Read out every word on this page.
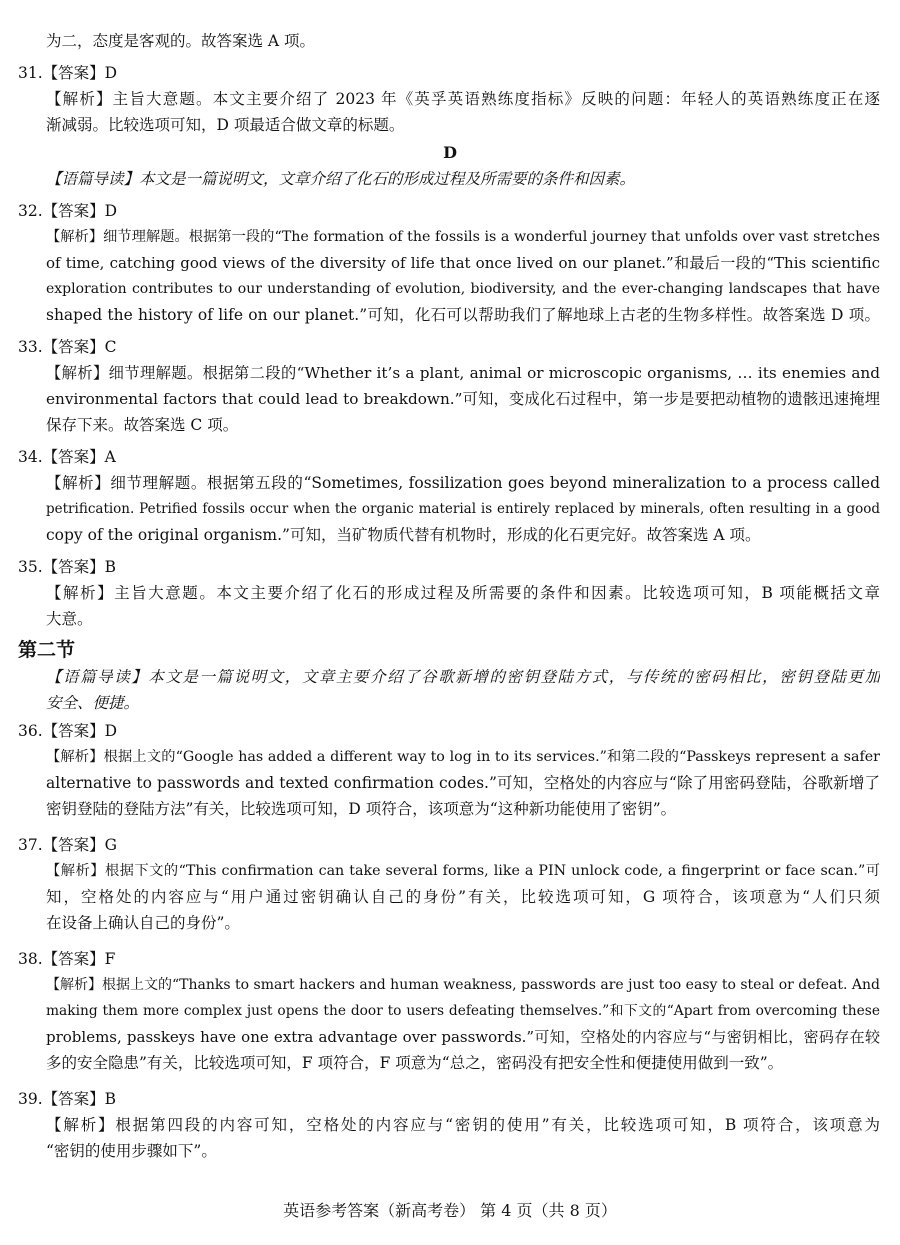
为二，态度是客观的。故答案选 A 项。
31.【答案】D
【解析】主旨大意题。本文主要介绍了 2023 年《英孚英语熟练度指标》反映的问题：年轻人的英语熟练度正在逐
渐减弱。比较选项可知，D 项最适合做文章的标题。
D
【语篇导读】本文是一篇说明文，文章介绍了化石的形成过程及所需要的条件和因素。
32.【答案】D
【解析】细节理解题。根据第一段的“The formation of the fossils is a wonderful journey that unfolds over vast stretches
of time, catching good views of the diversity of life that once lived on our planet.”和最后一段的“This scientific
exploration contributes to our understanding of evolution, biodiversity, and the ever-changing landscapes that have
shaped the history of life on our planet.”可知，化石可以帮助我们了解地球上古老的生物多样性。故答案选 D 项。
33.【答案】C
【解析】细节理解题。根据第二段的“Whether it’s a plant, animal or microscopic organisms, … its enemies and
environmental factors that could lead to breakdown.”可知，变成化石过程中，第一步是要把动植物的遗骸迅速掩埋
保存下来。故答案选 C 项。
34.【答案】A
【解析】细节理解题。根据第五段的“Sometimes, fossilization goes beyond mineralization to a process called
petrification. Petrified fossils occur when the organic material is entirely replaced by minerals, often resulting in a good
copy of the original organism.”可知，当矿物质代替有机物时，形成的化石更完好。故答案选 A 项。
35.【答案】B
【解析】主旨大意题。本文主要介绍了化石的形成过程及所需要的条件和因素。比较选项可知，B 项能概括文章
大意。
第二节
【语篇导读】本文是一篇说明文，文章主要介绍了谷歌新增的密钥登陆方式，与传统的密码相比，密钥登陆更加
安全、便捷。
36.【答案】D
【解析】根据上文的“Google has added a different way to log in to its services.”和第二段的“Passkeys represent a safer
alternative to passwords and texted confirmation codes.”可知，空格处的内容应与“除了用密码登陆，谷歌新增了
密钥登陆的登陆方法”有关，比较选项可知，D 项符合，该项意为“这种新功能使用了密钥”。
37.【答案】G
【解析】根据下文的“This confirmation can take several forms, like a PIN unlock code, a fingerprint or face scan.”可
知，空格处的内容应与“用户通过密钥确认自己的身份”有关，比较选项可知，G 项符合，该项意为“人们只须
在设备上确认自己的身份”。
38.【答案】F
【解析】根据上文的“Thanks to smart hackers and human weakness, passwords are just too easy to steal or defeat. And
making them more complex just opens the door to users defeating themselves.”和下文的“Apart from overcoming these
problems, passkeys have one extra advantage over passwords.”可知，空格处的内容应与“与密钥相比，密码存在较
多的安全隐患”有关，比较选项可知，F 项符合，F 项意为“总之，密码没有把安全性和便捷使用做到一致”。
39.【答案】B
【解析】根据第四段的内容可知，空格处的内容应与“密钥的使用”有关，比较选项可知，B 项符合，该项意为
“密钥的使用步骤如下”。
英语参考答案（新高考卷） 第 4 页（共 8 页）
